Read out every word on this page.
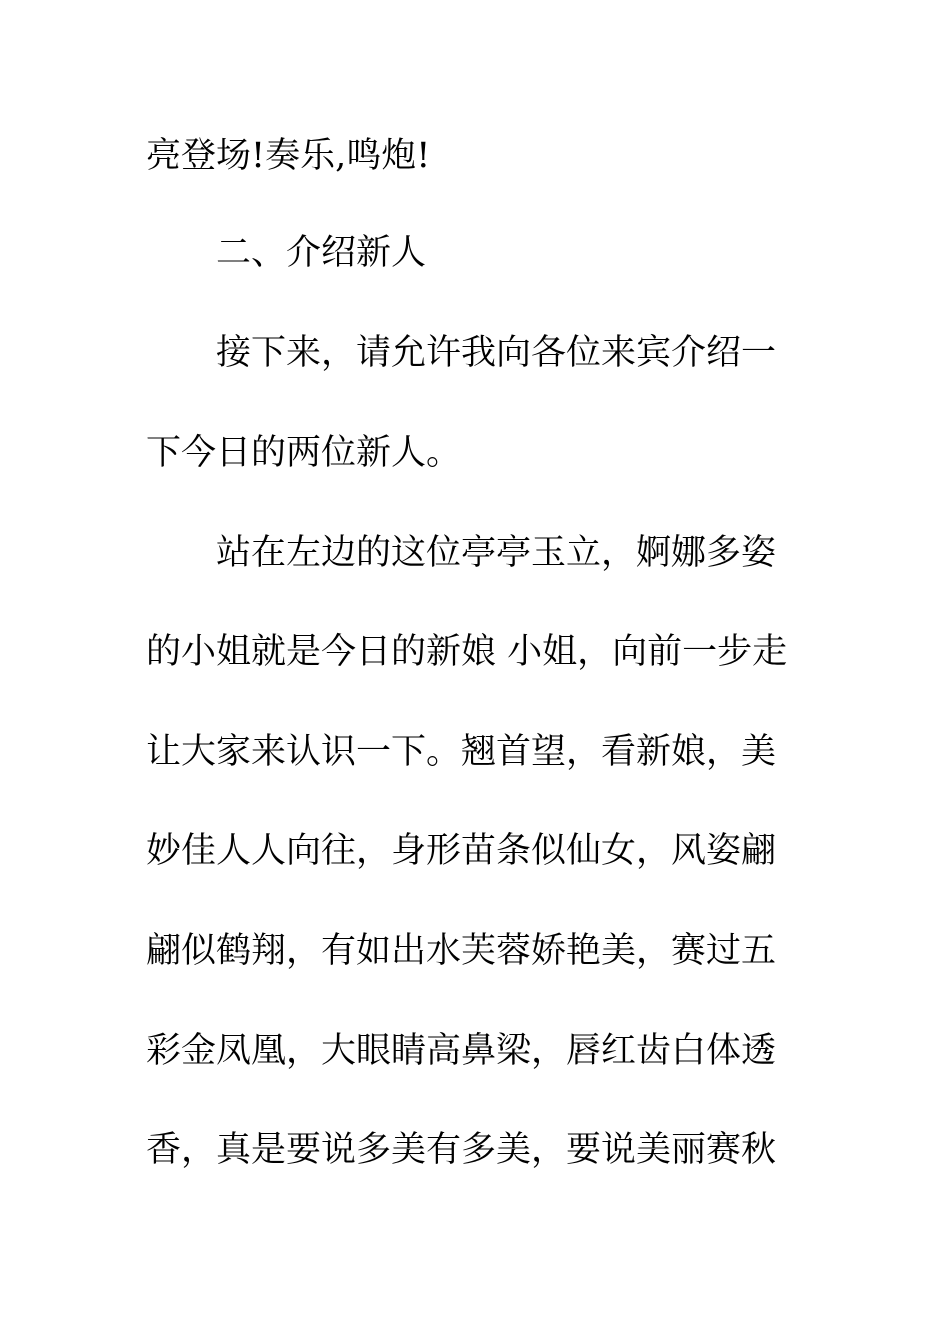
亮登场!奏乐,鸣炮!
二、介绍新人
接下来，请允许我向各位来宾介绍一
下今日的两位新人。
站在左边的这位亭亭玉立，婀娜多姿
的小姐就是今日的新娘 小姐，向前一步走
让大家来认识一下。翘首望，看新娘，美
妙佳人人向往，身形苗条似仙女，风姿翩
翩似鹤翔，有如出水芙蓉娇艳美，赛过五
彩金凤凰，大眼睛高鼻梁，唇红齿白体透
香，真是要说多美有多美，要说美丽赛秋
